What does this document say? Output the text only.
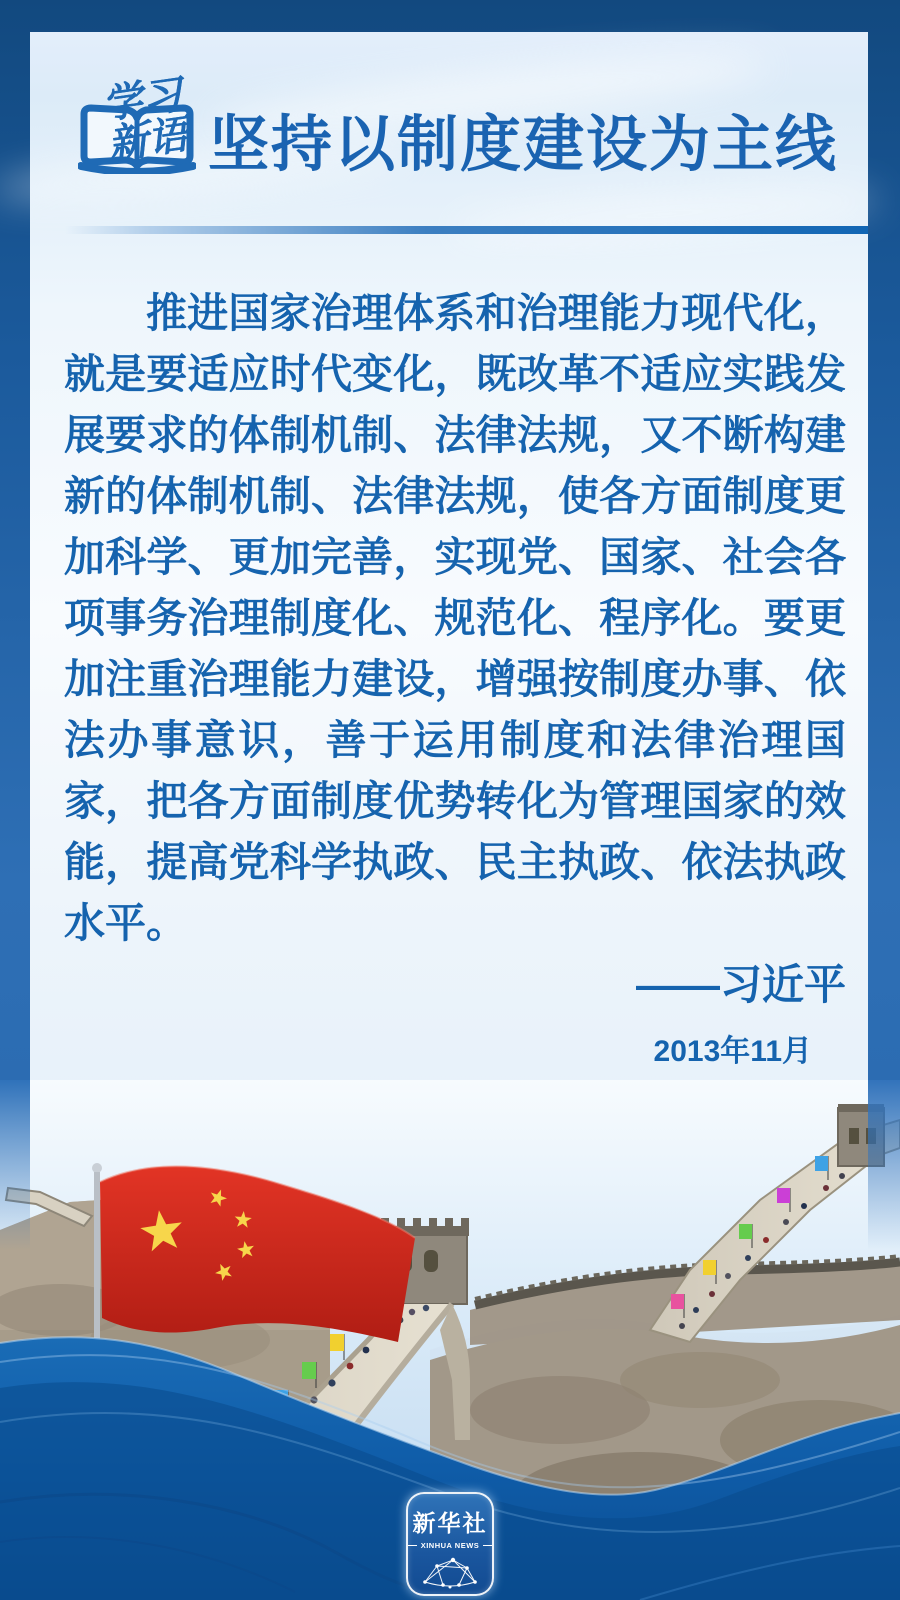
学习
新语 坚持以制度建设为主线
推进国家治理体系和治理能力现代化，就是要适应时代变化，既改革不适应实践发展要求的体制机制、法律法规，又不断构建新的体制机制、法律法规，使各方面制度更加科学、更加完善，实现党、国家、社会各项事务治理制度化、规范化、程序化。要更加注重治理能力建设，增强按制度办事、依法办事意识，善于运用制度和法律治理国家，把各方面制度优势转化为管理国家的效能，提高党科学执政、民主执政、依法执政水平。
——习近平
2013年11月
新华社
XINHUA NEWS
